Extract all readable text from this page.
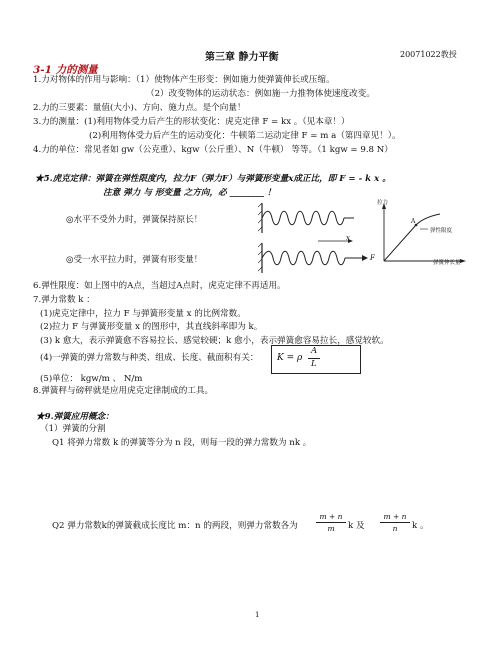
第三章 静力平衡	20071022教授
3-1 力的测量
1.力对物体的作用与影响：（1）使物体产生形变：例如施力使弹簧伸长或压缩。
（2）改变物体的运动状态：例如施一力推物体使速度改变。
2.力的三要素：量值(大小)、方向、施力点。是个向量！
3.力的测量：(1)利用物体受力后产生的形状变化：虎克定律 F = kx 。（见本章！）
(2)利用物体受力后产生的运动变化：牛顿第二运动定律 F = m a（第四章见！）。
4.力的单位：常见者如 gw（公克重）、kgw（公斤重）、N（牛顿） 等等。（1 kgw = 9.8 N）
★5.虎克定律：弹簧在弹性限度内，拉力F（弹力F）与弹簧形变量x成正比，即 F = - k x 。
注意 弹力 与 形变量 之方向，必 ________ ！
◎水平不受外力时，弹簧保持原长！
◎受一水平拉力时，弹簧有形变量！
x
F
拉力
A
弹性限度
弹簧伸长量
6.弹性限度：如上图中的A点，当超过A点时，虎克定律不再适用。
7.弹力常数 k ：
(1)虎克定律中，拉力 F 与弹簧形变量 x 的比例常数。
(2)拉力 F 与弹簧形变量 x 的图形中，其直线斜率即为 k。
(3) k 愈大，表示弹簧愈不容易拉长、感觉较硬；k 愈小，表示弹簧愈容易拉长，感觉较软。
(4)一弹簧的弹力常数与种类、组成、长度、截面积有关： K = ρ
A
L
(5)单位： kgw/m 、 N/m
8.弹簧秤与磅秤就是应用虎克定律制成的工具。
★9.弹簧应用概念：
（1）弹簧的分割
Q1 将弹力常数 k 的弹簧等分为 n 段，则每一段的弹力常数为 nk 。
Q2 弹力常数k的弹簧截成长度比 m：n 的两段，则弹力常数各为
m + n
m	k 及
m + n
n	k 。
1
